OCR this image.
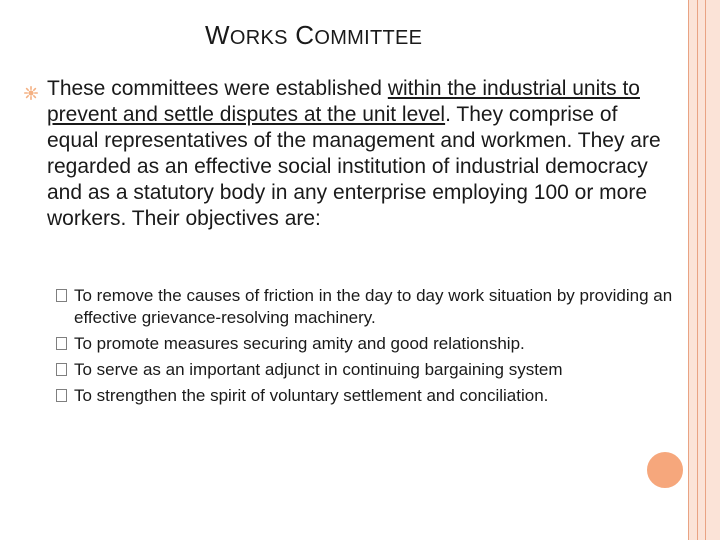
WORKS COMMITTEE
These committees were established within the industrial units to prevent and settle disputes at the unit level. They comprise of equal representatives of the management and workmen. They are regarded as an effective social institution of industrial democracy and as a statutory body in any enterprise employing 100 or more workers. Their objectives are:
To remove the causes of friction in the day to day work situation by providing an effective grievance-resolving machinery.
To promote measures securing amity and good relationship.
To serve as an important adjunct in continuing bargaining system
To strengthen the spirit of voluntary settlement and conciliation.
